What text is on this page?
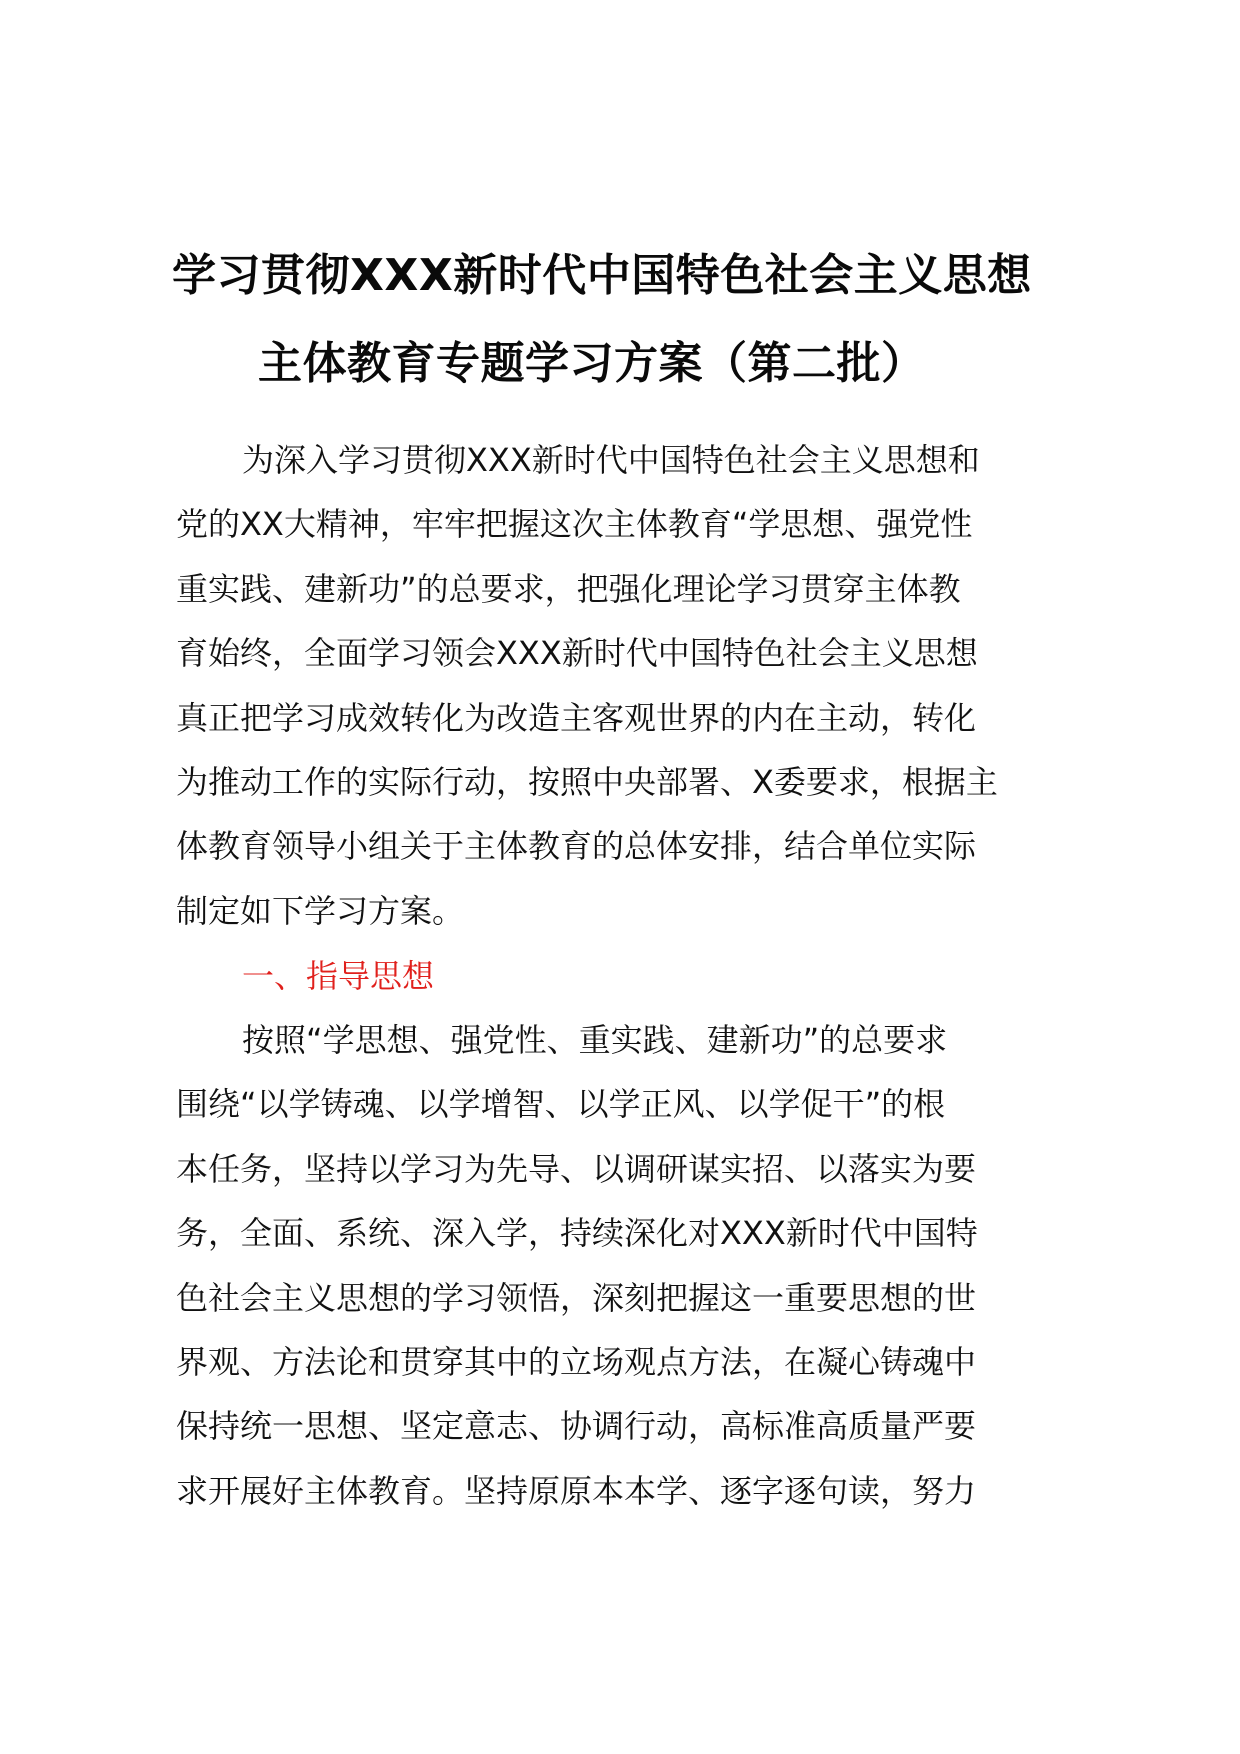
学习贯彻XXX新时代中国特色社会主义思想
主体教育专题学习方案（第二批）
为深入学习贯彻XXX新时代中国特色社会主义思想和
党的XX大精神，牢牢把握这次主体教育“学思想、强党性
重实践、建新功”的总要求，把强化理论学习贯穿主体教
育始终，全面学习领会XXX新时代中国特色社会主义思想
真正把学习成效转化为改造主客观世界的内在主动，转化
为推动工作的实际行动，按照中央部署、X委要求，根据主
体教育领导小组关于主体教育的总体安排，结合单位实际
制定如下学习方案。
一、指导思想
按照“学思想、强党性、重实践、建新功”的总要求
围绕“以学铸魂、以学增智、以学正风、以学促干”的根
本任务，坚持以学习为先导、以调研谋实招、以落实为要
务，全面、系统、深入学，持续深化对XXX新时代中国特
色社会主义思想的学习领悟，深刻把握这一重要思想的世
界观、方法论和贯穿其中的立场观点方法，在凝心铸魂中
保持统一思想、坚定意志、协调行动，高标准高质量严要
求开展好主体教育。坚持原原本本学、逐字逐句读，努力
